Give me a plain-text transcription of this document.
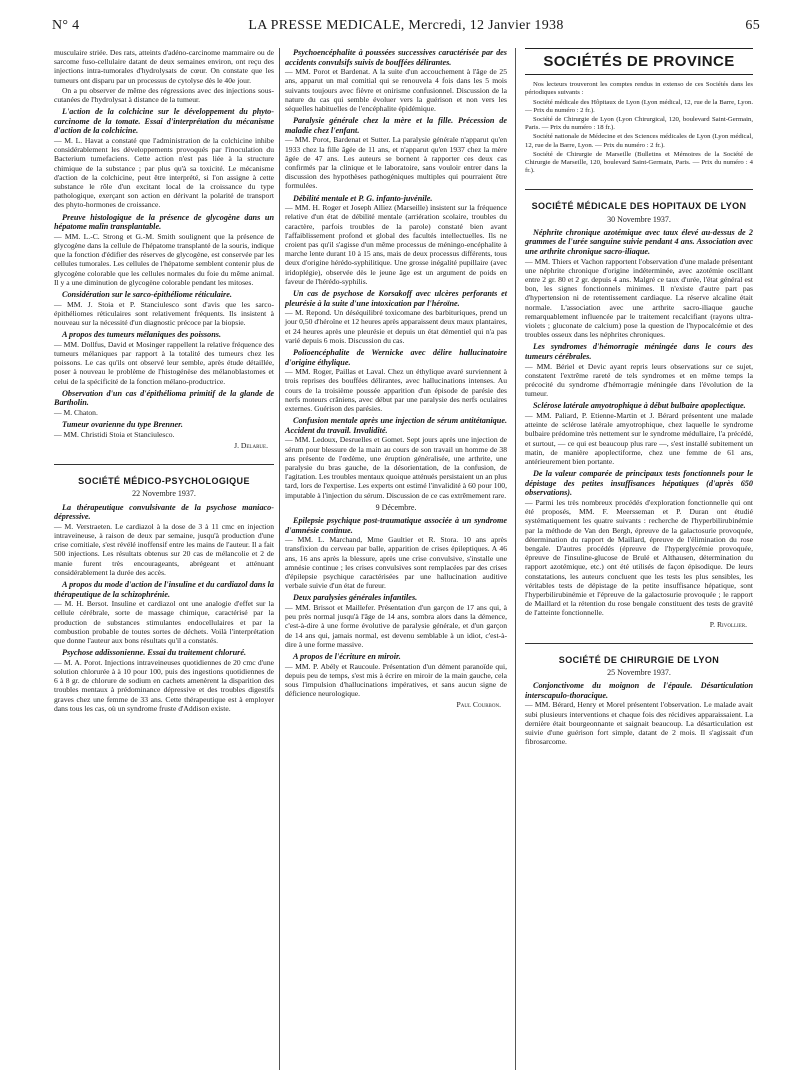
N° 4	LA PRESSE MEDICALE, Mercredi, 12 Janvier 1938	65

musculaire striée. Des rats, atteints d'adéno-carcinome mammaire ou de sarcome fuso-cellulaire datant de deux semaines environ, ont reçu des injections intra-tumorales d'hydrolysats de cœur. On constate que les tumeurs ont disparu par un processus de cytolyse dès le 40e jour.

On a pu observer de même des régressions avec des injections sous-cutanées de l'hydrolysat à distance de la tumeur.

L'action de la colchicine sur le développement du phyto-carcinome de la tomate. Essai d'interprétation du mécanisme d'action de la colchicine.

— M. L. Havat a constaté que l'administration de la colchicine inhibe considérablement les développements provoqués par l'inoculation du Bacterium tumefaciens. Cette action n'est pas liée à la structure chimique de la substance ; par plus qu'à sa toxicité. Le mécanisme d'action de la colchicine, peut être interprété, si l'on assigne à cette substance le rôle d'un excitant local de la croissance du type pathologique, exerçant son action en dérivant la polarité de transport des phyto-hormones de croissance.

Preuve histologique de la présence de glycogène dans un hépatome malin transplantable.

— MM. L.-C. Strong et G.-M. Smith soulignent que la présence de glycogène dans la cellule de l'hépatome transplanté de la souris, indique que la fonction d'édifier des réserves de glycogène, est conservée par les cellules tumorales. Les cellules de l'hépatome semblent contenir plus de glycogène colorable que les cellules normales du foie du même animal. Il y a une diminution de glycogène colorable pendant les mitoses.

Considération sur le sarco-épithéliome réticulaire.

— MM. J. Stoia et P. Stanciulesco sont d'avis que les sarco-épithéliomes réticulaires sont relativement fréquents. Ils insistent à nouveau sur la nécessité d'un diagnostic précoce par la biopsie.

A propos des tumeurs mélaniques des poissons.

— MM. Dollfus, David et Mosinger rappellent la relative fréquence des tumeurs mélaniques par rapport à la totalité des tumeurs chez les poissons. Le cas qu'ils ont observé leur semble, après étude détaillée, poser à nouveau le problème de l'histogénèse des mélanoblastomes et celui de la spécificité de la fonction mélano-productrice.

Observation d'un cas d'épithélioma primitif de la glande de Bartholin.

— M. Chaton.

Tumeur ovarienne du type Brenner.

— MM. Christidi Stoia et Stanciulesco.

J. Delarue.
SOCIÉTÉ MÉDICO-PSYCHOLOGIQUE
22 Novembre 1937.
La thérapeutique convulsivante de la psychose maniaco-dépressive.

— M. Verstraeten. Le cardiazol à la dose de 3 à 11 cmc en injection intraveineuse, à raison de deux par semaine, jusqu'à production d'une crise comitiale, s'est révélé inoffensif entre les mains de l'auteur. Il a fait 500 injections. Les résultats obtenus sur 20 cas de mélancolie et 2 de manie furent très encourageants, abrégeant et atténuant considérablement la durée des accès.

A propos du mode d'action de l'insuline et du cardiazol dans la thérapeutique de la schizophrénie.

— M. H. Bersot. Insuline et cardiazol ont une analogie d'effet sur la cellule cérébrale, sorte de massage chimique, caractérisé par la production de substances stimulantes endocellulaires et par la combustion probable de toutes sortes de déchets. Voilà l'interprétation que donne l'auteur aux bons résultats qu'il a constatés.

Psychose addissonienne. Essai du traitement chloruré.

— M. A. Porot. Injections intraveineuses quotidiennes de 20 cmc d'une solution chlorurée à à 10 pour 100, puis des ingestions quotidiennes de 6 à 8 gr. de chlorure de sodium en cachets amenèrent la disparition des troubles mentaux à prédominance dépressive et des troubles digestifs graves chez une femme de 33 ans. Cette thérapeutique est à employer dans tous les cas, où un syndrome fruste d'Addison existe.

Psychoencéphalite à poussées successives caractérisée par des accidents convulsifs suivis de bouffées délirantes.

— MM. Porot et Bardenat. A la suite d'un accouchement à l'âge de 25 ans, apparut un mal comitial qui se renouvela 4 fois dans les 5 mois suivants toujours avec fièvre et onirisme confusionnel. Discussion de la nature du cas qui semble évoluer vers la guérison et non vers les séquelles habituelles de l'encéphalite épidémique.

Paralysie générale chez la mère et la fille. Précession de maladie chez l'enfant.

— MM. Porot, Bardenat et Sutter. La paralysie générale n'apparut qu'en 1933 chez la fille âgée de 11 ans, et n'apparut qu'en 1937 chez la mère âgée de 47 ans. Les auteurs se bornent à rapporter ces deux cas confirmés par la clinique et le laboratoire, sans vouloir entrer dans la discussion des hypothèses pathogéniques multiples qui pourraient être formulées.

Débilité mentale et P. G. infanto-juvénile.

— MM. H. Roger et Joseph Alliez (Marseille) insistent sur la fréquence relative d'un état de débilité mentale (arriération scolaire, troubles du caractère, parfois troubles de la parole) constaté bien avant l'affaiblissement profond et global des facultés intellectuelles. Ils ne croient pas qu'il s'agisse d'un même processus de méningo-encéphalite à marche lente durant 10 à 15 ans, mais de deux processus différents, tous deux d'origine hérédo-syphilitique. Une grosse inégalité pupillaire (avec iridoplégie), observée dès le jeune âge est un argument de poids en faveur de l'hérédo-syphilis.

Un cas de psychose de Korsakoff avec ulcères perforants et pleurésie à la suite d'une intoxication par l'héroïne.

— M. Repond. Un déséquilibré toxicomane des barbituriques, prend un jour 0,50 d'héroïne et 12 heures après apparaissent deux maux plantaires, et 24 heures après une pleurésie et depuis un état démentiel qui n'a pas varié depuis 6 mois. Discussion du cas.

Polioencéphalite de Wernicke avec délire hallucinatoire d'origine éthylique.

— MM. Roger, Paillas et Laval. Chez un éthylique avaré surviennent à trois reprises des bouffées délirantes, avec hallucinations intenses. Au cours de la troisième poussée apparition d'un épisode de parésie des nerfs moteurs crâniens, avec début par une paralysie des nerfs oculaires externes. Guérison des parésies.

Confusion mentale après une injection de sérum antitétanique. Accident du travail. Invalidité.

— MM. Ledoux, Desruelles et Gomet. Sept jours après une injection de sérum pour blessure de la main au cours de son travail un homme de 38 ans présente de l'œdème, une éruption généralisée, une arthrite, une paralysie du bras gauche, de la désorientation, de la confusion, de l'agitation. Les troubles mentaux quoique atténués persistaient un an plus tard, lors de l'expertise. Les experts ont estimé l'invalidité à 60 pour 100, imputable à l'injection du sérum. Discussion de ce cas extrêmement rare.

9 Décembre.
Epilepsie psychique post-traumatique associée à un syndrome d'amnésie continue.

— MM. L. Marchand, Mme Gaultier et R. Stora. 10 ans après transfixion du cerveau par balle, apparition de crises épileptiques. A 46 ans, 16 ans après la blessure, après une crise convulsive, s'installe une amnésie continue ; les crises convulsives sont remplacées par des crises d'épilepsie psychique caractérisées par une hallucination auditive verbale suivie d'un état de fureur.

Deux paralysies générales infantiles.

— MM. Brissot et Maillefer. Présentation d'un garçon de 17 ans qui, à peu près normal jusqu'à l'âge de 14 ans, sombra alors dans la démence, c'est-à-dire à une forme évolutive de paralysie générale, et d'un garçon de 14 ans qui, jamais normal, est devenu semblable à un idiot, c'est-à-dire à une forme massive.

A propos de l'écriture en miroir.

— MM. P. Abély et Raucoule. Présentation d'un dément paranoïde qui, depuis peu de temps, s'est mis à écrire en miroir de la main gauche, cela sous l'impulsion d'hallucinations impératives, et sans aucun signe de déficience neurologique.

Paul Courbon.
SOCIÉTÉS DE PROVINCE

Nos lecteurs trouveront les comptes rendus in extenso de ces Sociétés dans les périodiques suivants :

Société médicale des Hôpitaux de Lyon (Lyon médical, 12, rue de la Barre, Lyon. — Prix du numéro : 2 fr.).

Société de Chirurgie de Lyon (Lyon Chirurgical, 120, boulevard Saint-Germain, Paris. — Prix du numéro : 18 fr.).

Société nationale de Médecine et des Sciences médicales de Lyon (Lyon médical, 12, rue de la Barre, Lyon. — Prix du numéro : 2 fr.).

Société de Chirurgie de Marseille (Bulletins et Mémoires de la Société de Chirurgie de Marseille, 120, boulevard Saint-Germain, Paris. — Prix du numéro : 4 fr.).

SOCIÉTÉ MÉDICALE DES HOPITAUX DE LYON
30 Novembre 1937.
Néphrite chronique azotémique avec taux élevé au-dessus de 2 grammes de l'urée sanguine suivie pendant 4 ans. Association avec une arthrite chronique sacro-iliaque.

— MM. Thiers et Vachon rapportent l'observation d'une malade présentant une néphrite chronique d'origine indéterminée, avec azotémie oscillant entre 2 gr. 80 et 2 gr. depuis 4 ans. Malgré ce taux d'urée, l'état général est bon, les signes fonctionnels minimes. Il n'existe d'autre part pas d'hypertension ni de retentissement cardiaque. La réserve alcaline était normale. L'association avec une arthrite sacro-iliaque gauche remarquablement influencée par le traitement recalcifiant (rayons ultra-violets ; gluconate de calcium) pose la question de l'hypocalcémie et des troubles osseux dans les néphrites chroniques.

Les syndromes d'hémorragie méningée dans le cours des tumeurs cérébrales.

— MM. Bériel et Devic ayant repris leurs observations sur ce sujet, constatent l'extrême rareté de tels syndromes et en même temps la précocité du syndrome d'hémorragie méningée dans l'évolution de la tumeur.

Sclérose latérale amyotrophique à début bulbaire apoplectique.

— MM. Paliard, P. Etienne-Martin et J. Bérard présentent une malade atteinte de sclérose latérale amyotrophique, chez laquelle le syndrome bulbaire prédomine très nettement sur le syndrome médullaire, l'a précédé, et surtout, — ce qui est beaucoup plus rare —, s'est installé subitement un matin, de manière apoplectiforme, chez une femme de 61 ans, antérieurement bien portante.

De la valeur comparée de principaux tests fonctionnels pour le dépistage des petites insuffisances hépatiques (d'après 650 observations).

— Parmi les très nombreux procédés d'exploration fonctionnelle qui ont été proposés, MM. F. Meersseman et P. Duran ont étudié systématiquement les quatre suivants : recherche de l'hyperbilirubinémie par la méthode de Van den Bergh, épreuve de la galactosurie provoquée, détermination du rapport de Maillard, épreuve de l'élimination du rose bengale. D'autres procédés (épreuve de l'hyperglycémie provoquée, épreuve de l'insuline-glucose de Brulé et Althausen, détermination du rapport azotémique, etc.) ont été utilisés de façon épisodique. De leurs constatations, les auteurs concluent que les tests les plus sensibles, les véritables tests de dépistage de la petite insuffisance hépatique, sont l'hyperbilirubinémie et l'épreuve de la galactosurie provoquée ; le rapport de Maillard et la rétention du rose bengale constituent des tests de gravité de l'atteinte fonctionnelle.

P. Rivollier.
SOCIÉTÉ DE CHIRURGIE DE LYON
25 Novembre 1937.
Conjonctivome du moignon de l'épaule. Désarticulation interscapulo-thoracique.

— MM. Bérard, Henry et Morel présentent l'observation. Le malade avait subi plusieurs interventions et chaque fois des récidives apparaissaient. La dernière était bourgeonnante et saignait beaucoup. La désarticulation est suivie d'une guérison fort simple, datant de 2 mois. Il s'agissait d'un fibrosarcome.
